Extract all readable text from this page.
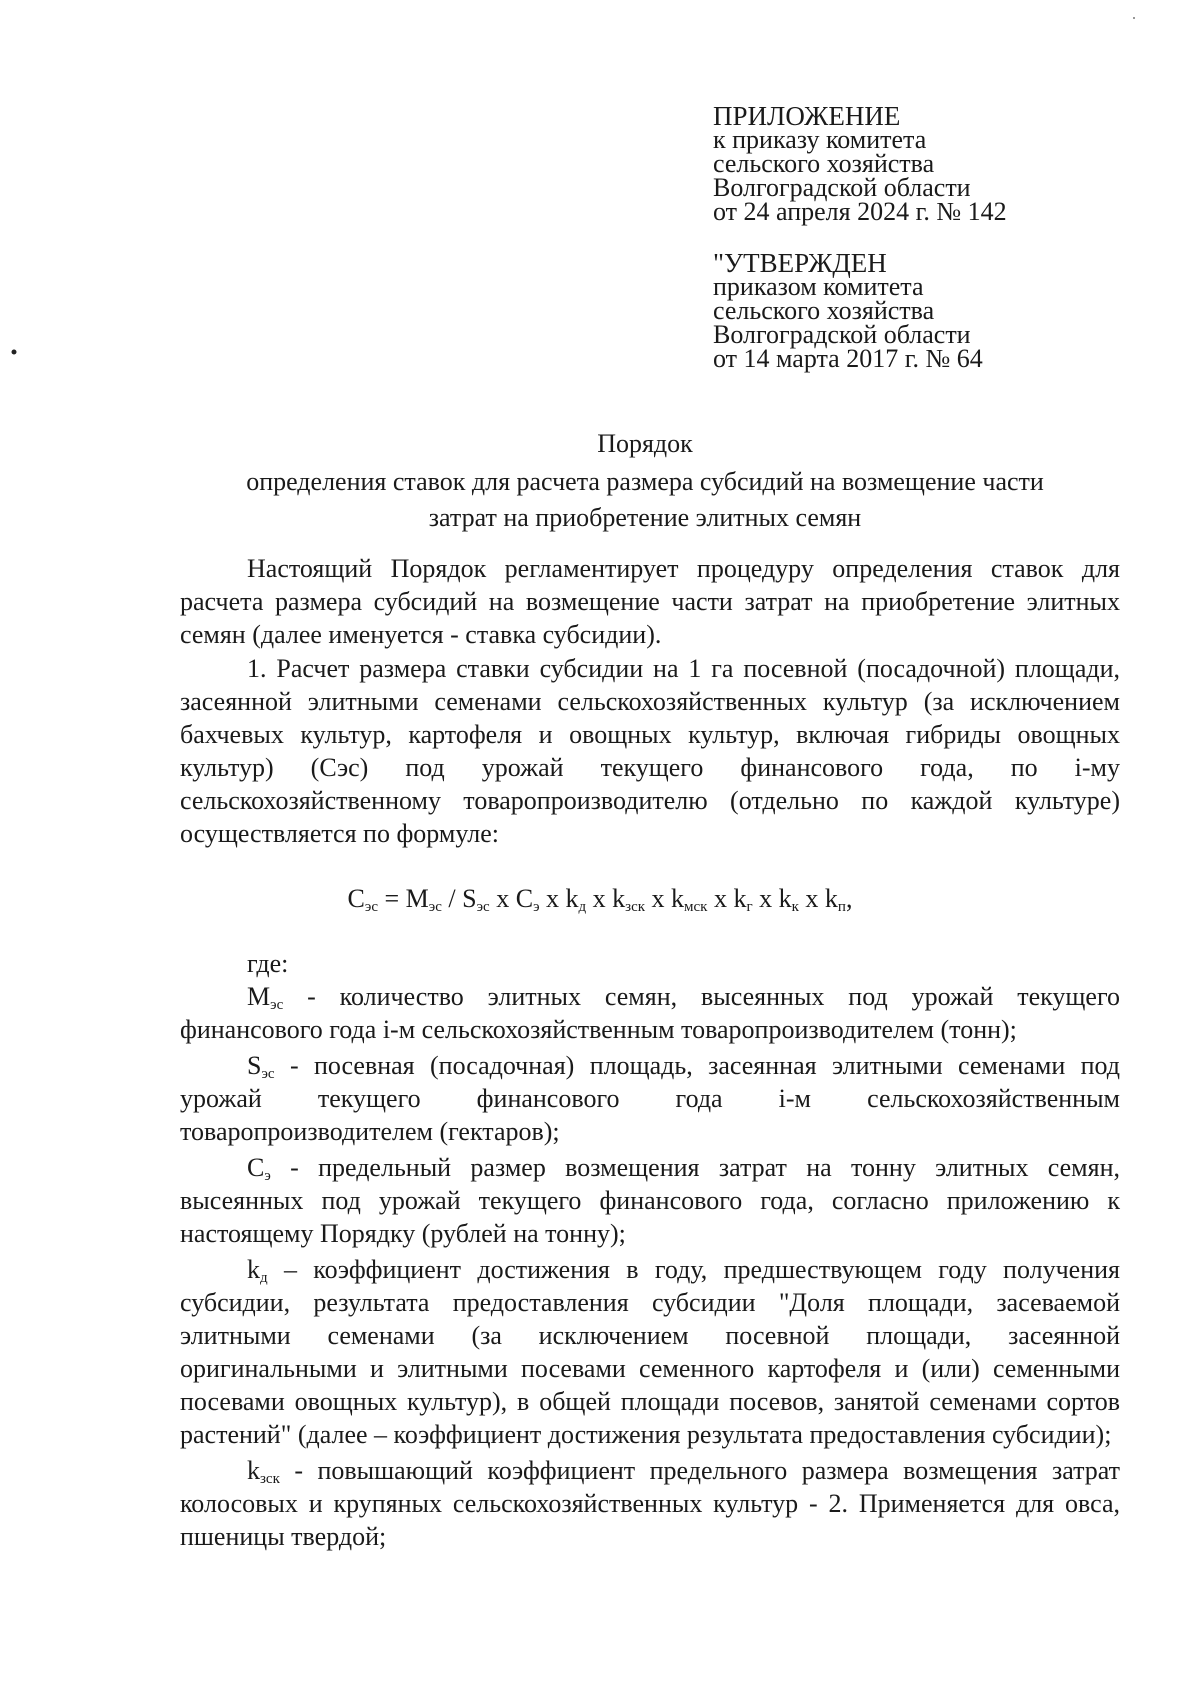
ПРИЛОЖЕНИЕ
к приказу комитета
сельского хозяйства
Волгоградской области
от 24 апреля 2024 г. № 142
"УТВЕРЖДЕН
приказом комитета
сельского хозяйства
Волгоградской области
от 14 марта 2017 г. № 64
Порядок
определения ставок для расчета размера субсидий на возмещение части
затрат на приобретение элитных семян

Настоящий Порядок регламентирует процедуру определения ставок для расчета размера субсидий на возмещение части затрат на приобретение элитных семян (далее именуется - ставка субсидии).

1. Расчет размера ставки субсидии на 1 га посевной (посадочной) площади, засеянной элитными семенами сельскохозяйственных культур (за исключением бахчевых культур, картофеля и овощных культур, включая гибриды овощных культур) (Сэс) под урожай текущего финансового года, по i-му сельскохозяйственному товаропроизводителю (отдельно по каждой культуре) осуществляется по формуле:

$С_{эс} = М_{эс} / S_{эс}$ x $С_э$ x $k_д$ x $k_{зск}$ x $k_{мск}$ x $k_г$ x $k_к$ x $k_п$,
где:

$М_{эс}$ - количество элитных семян, высеянных под урожай текущего финансового года i-м сельскохозяйственным товаропроизводителем (тонн);

$S_{эс}$ - посевная (посадочная) площадь, засеянная элитными семенами под урожай текущего финансового года i-м сельскохозяйственным товаропроизводителем (гектаров);

$С_э$ - предельный размер возмещения затрат на тонну элитных семян, высеянных под урожай текущего финансового года, согласно приложению к настоящему Порядку (рублей на тонну);

$k_д$ – коэффициент достижения в году, предшествующем году получения субсидии, результата предоставления субсидии "Доля площади, засеваемой элитными семенами (за исключением посевной площади, засеянной оригинальными и элитными посевами семенного картофеля и (или) семенными посевами овощных культур), в общей площади посевов, занятой семенами сортов растений" (далее – коэффициент достижения результата предоставления субсидии);

$k_{зск}$ - повышающий коэффициент предельного размера возмещения затрат колосовых и крупяных сельскохозяйственных культур - 2. Применяется для овса, пшеницы твердой;
